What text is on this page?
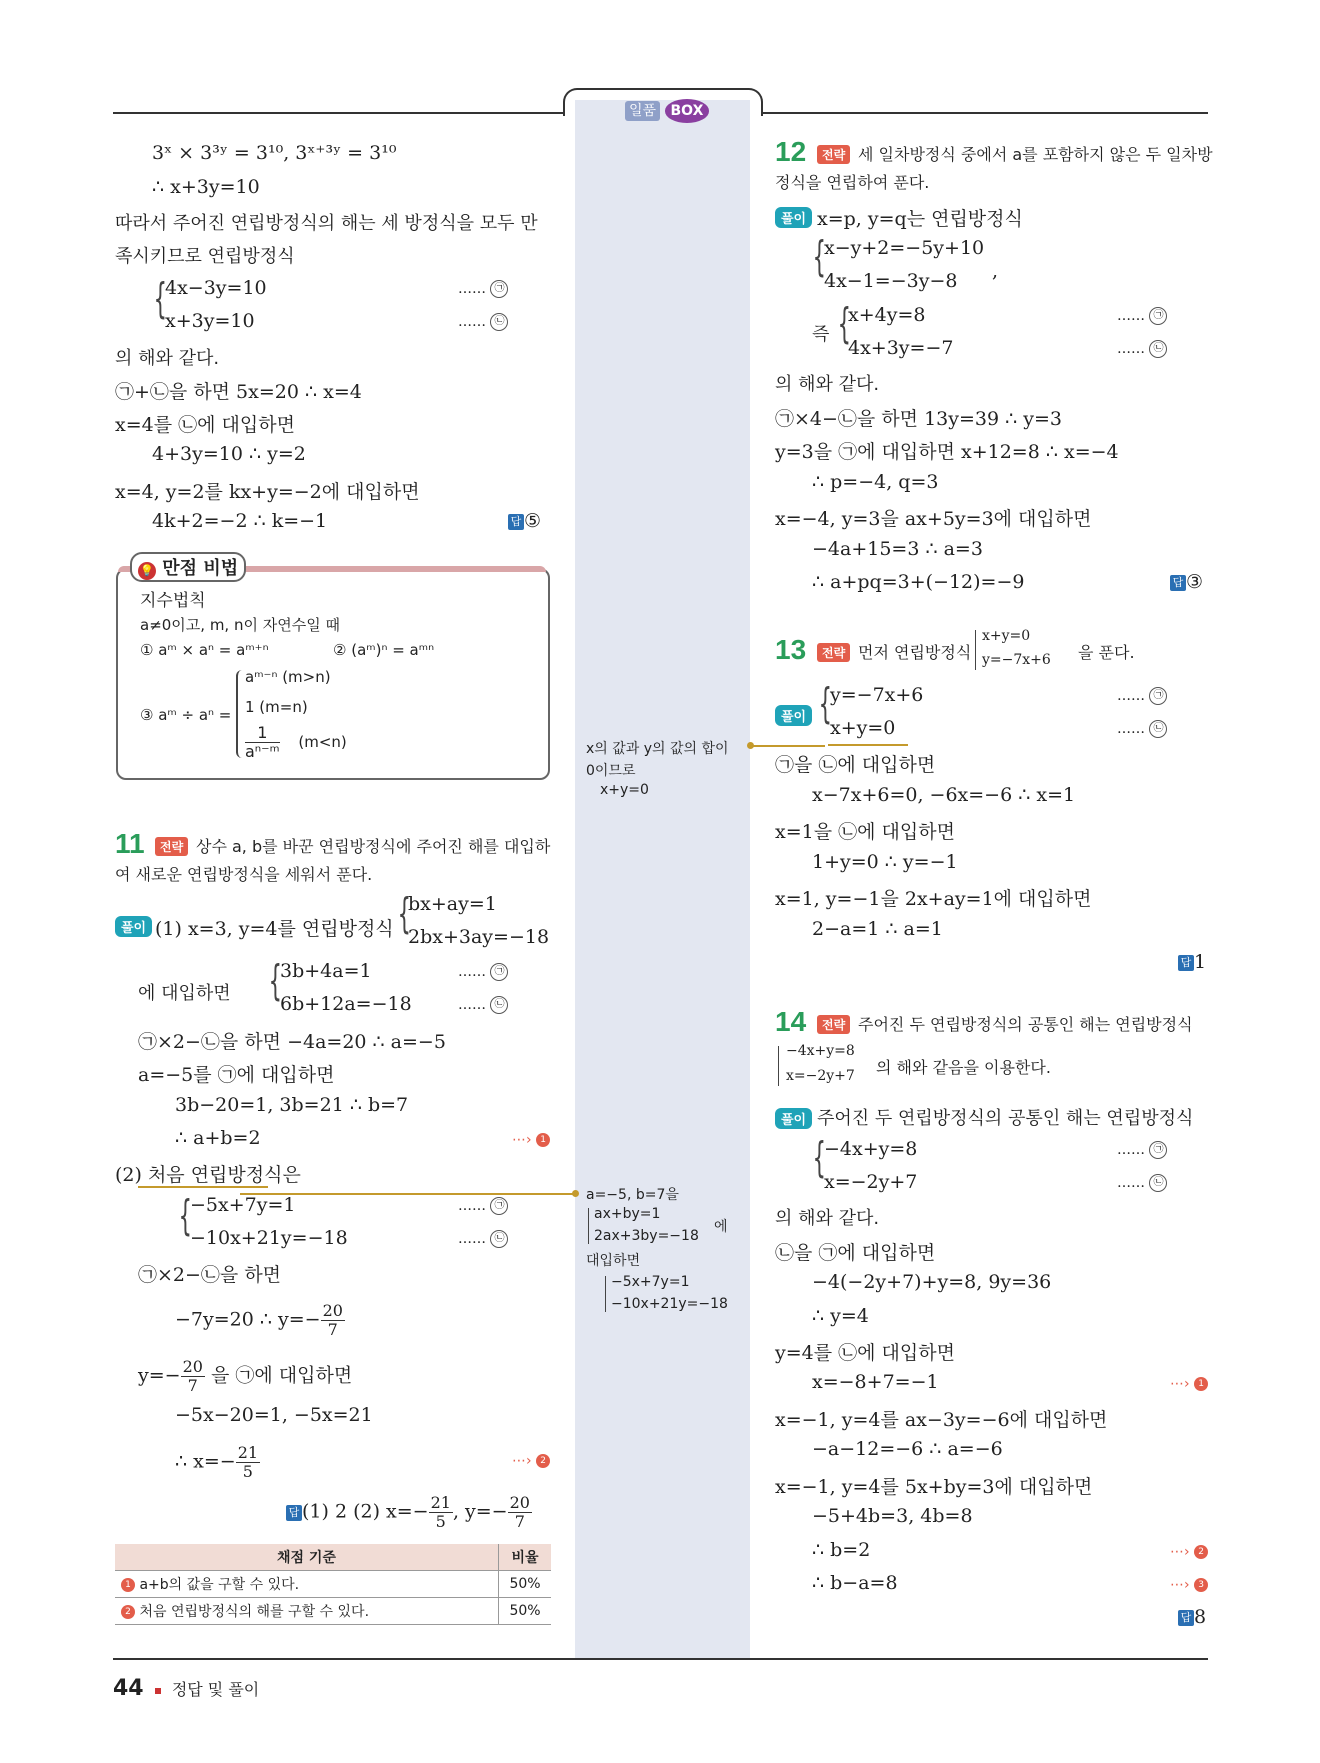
일품 BOX
3ˣ × 3³ʸ = 3¹⁰, 3ˣ⁺³ʸ = 3¹⁰
∴ x+3y=10
따라서 주어진 연립방정식의 해는 세 방정식을 모두 만
족시키므로 연립방정식
{
4x−3y=10
x+3y=10
…… ㉠
…… ㉡
의 해와 같다.
㉠+㉡을 하면 5x=20 ∴ x=4
x=4를 ㉡에 대입하면
4+3y=10 ∴ y=2
x=4, y=2를 kx+y=−2에 대입하면
4k+2=−2 ∴ k=−1	답 ⑤
💡 만점 비법
지수법칙
a≠0이고, m, n이 자연수일 때
① aᵐ × aⁿ = aᵐ⁺ⁿ	② (aᵐ)ⁿ = aᵐⁿ
③ aᵐ ÷ aⁿ =
aᵐ⁻ⁿ (m>n)
1 (m=n)
$\frac{1}{\text{aⁿ⁻ᵐ}} (m<n)$
11	전략 상수 a, b를 바꾼 연립방정식에 주어진 해를 대입하
여 새로운 연립방정식을 세워서 푼다.
풀이 (1) x=3, y=4를 연립방정식 {
bx+ay=1
2bx+3ay=−18
에 대입하면 {
3b+4a=1
6b+12a=−18
…… ㉠
…… ㉡
㉠×2−㉡을 하면 −4a=20 ∴ a=−5
a=−5를 ㉠에 대입하면
3b−20=1, 3b=21 ∴ b=7
∴ a+b=2	⋯› 1
(2) 처음 연립방정식은
{
−5x+7y=1
−10x+21y=−18
…… ㉠
…… ㉡
㉠×2−㉡을 하면
−7y=20 ∴ $y=- \frac{20}{7}$
$y=- \frac{20}{7}$ 을 ㉠에 대입하면
−5x−20=1, −5x=21
∴ $x=- \frac{21}{5}$	⋯› 2
답 (1) 2 (2) $x=- \frac{21}{5}$ , $y=- \frac{20}{7}$
채점 기준	비율
1 a+b의 값을 구할 수 있다.	50%
2 처음 연립방정식의 해를 구할 수 있다.	50%
x의 값과 y의 값의 합이
0이므로
x+y=0
a=−5, b=7을
ax+by=1
2ax+3by=−18
에
대입하면
−5x+7y=1
−10x+21y=−18
12	전략 세 일차방정식 중에서 a를 포함하지 않은 두 일차방
정식을 연립하여 푼다.
풀이 x=p, y=q는 연립방정식
{
x−y+2=−5y+10
4x−1=−3y−8 ,
즉 {
x+4y=8
4x+3y=−7
…… ㉠
…… ㉡
의 해와 같다.
㉠×4−㉡을 하면 13y=39 ∴ y=3
y=3을 ㉠에 대입하면 x+12=8 ∴ x=−4
∴ p=−4, q=3
x=−4, y=3을 ax+5y=3에 대입하면
−4a+15=3 ∴ a=3
∴ a+pq=3+(−12)=−9	답 ③
13	전략 먼저 연립방정식
x+y=0
y=−7x+6 을 푼다.
풀이 {
y=−7x+6
x+y=0
…… ㉠
…… ㉡
㉠을 ㉡에 대입하면
x−7x+6=0, −6x=−6 ∴ x=1
x=1을 ㉡에 대입하면
1+y=0 ∴ y=−1
x=1, y=−1을 2x+ay=1에 대입하면
2−a=1 ∴ a=1
답 1
14	전략 주어진 두 연립방정식의 공통인 해는 연립방정식
−4x+y=8
x=−2y+7 의 해와 같음을 이용한다.
풀이 주어진 두 연립방정식의 공통인 해는 연립방정식
{
−4x+y=8
x=−2y+7
…… ㉠
…… ㉡
의 해와 같다.
㉡을 ㉠에 대입하면
−4(−2y+7)+y=8, 9y=36
∴ y=4
y=4를 ㉡에 대입하면
x=−8+7=−1	⋯› 1
x=−1, y=4를 ax−3y=−6에 대입하면
−a−12=−6 ∴ a=−6
x=−1, y=4를 5x+by=3에 대입하면
−5+4b=3, 4b=8
∴ b=2	⋯› 2
∴ b−a=8	⋯› 3
답 8
44 정답 및 풀이
